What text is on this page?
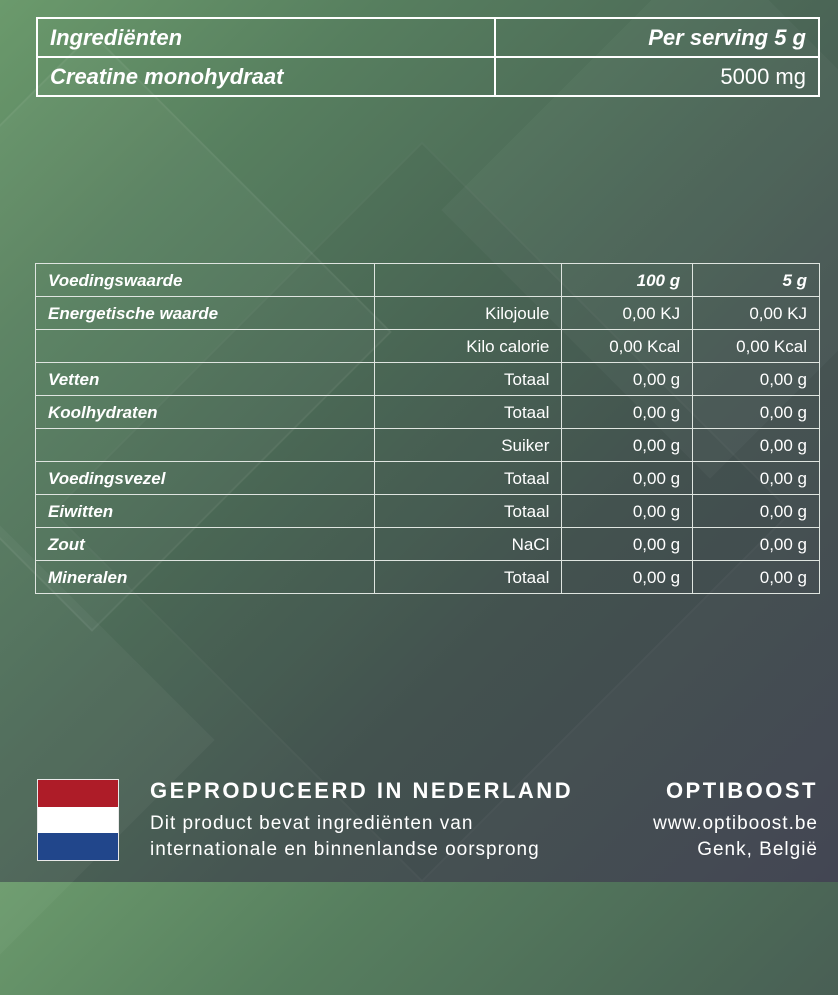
Ingrediënten	Per serving 5 g
Creatine monohydraat	5000 mg
Voedingswaarde		100 g	5 g
Energetische waarde	Kilojoule	0,00 KJ	0,00 KJ
	Kilo calorie	0,00 Kcal	0,00 Kcal
Vetten	Totaal	0,00 g	0,00 g
Koolhydraten	Totaal	0,00 g	0,00 g
	Suiker	0,00 g	0,00 g
Voedingsvezel	Totaal	0,00 g	0,00 g
Eiwitten	Totaal	0,00 g	0,00 g
Zout	NaCl	0,00 g	0,00 g
Mineralen	Totaal	0,00 g	0,00 g
GEPRODUCEERD IN NEDERLAND
Dit product bevat ingrediënten van
internationale en binnenlandse oorsprong
OPTIBOOST
www.optiboost.be
Genk, België
